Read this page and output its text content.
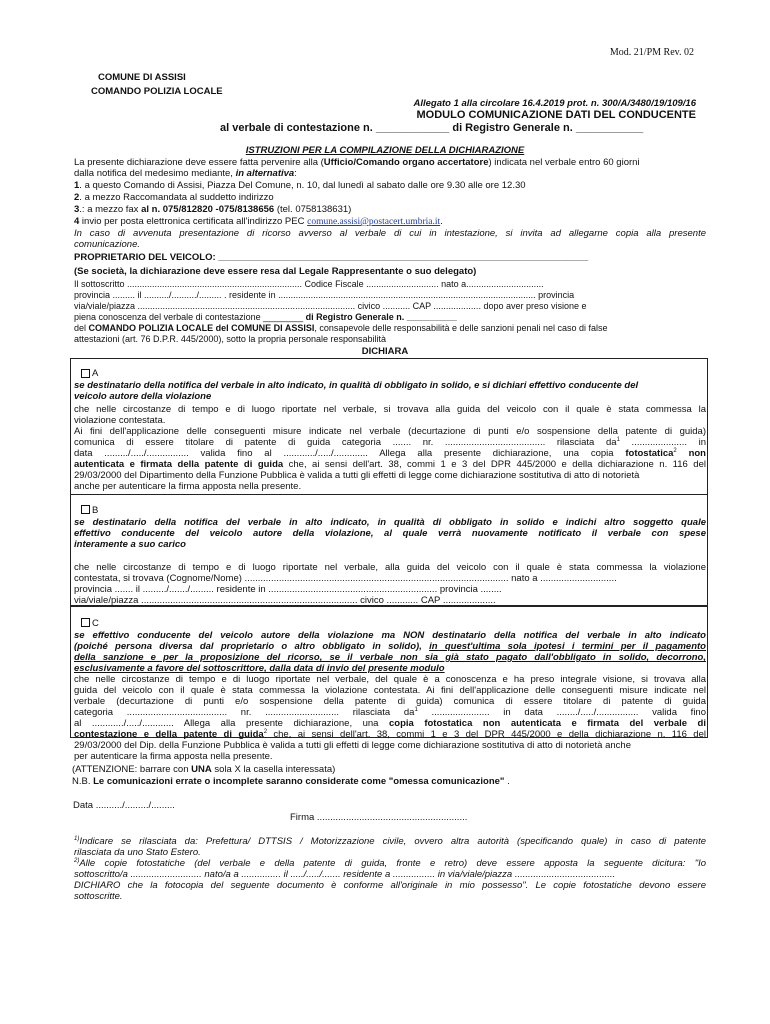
Mod. 21/PM Rev. 02
COMUNE DI ASSISI
COMANDO POLIZIA LOCALE
Allegato 1 alla circolare 16.4.2019 prot. n. 300/A/3480/19/109/16
MODULO COMUNICAZIONE DATI DEL CONDUCENTE
al verbale di contestazione n. ____________ di Registro Generale n. ___________
ISTRUZIONI PER LA COMPILAZIONE DELLA DICHIARAZIONE
La presente dichiarazione deve essere fatta pervenire alla (Ufficio/Comando organo accertatore) indicata nel verbale entro 60 giorni
dalla notifica del medesimo mediante, in alternativa:
1. a questo Comando di Assisi, Piazza Del Comune, n. 10, dal lunedì al sabato dalle ore 9.30 alle ore 12.30
2. a mezzo Raccomandata al suddetto indirizzo
3.: a mezzo fax al n. 075/812820 -075/8138656 (tel. 0758138631)
4 invio per posta elettronica certificata all'indirizzo PEC comune.assisi@postacert.umbria.it.
In caso di avvenuta presentazione di ricorso avverso al verbale di cui in intestazione, si invita ad allegarne copia alla presente
comunicazione.
PROPRIETARIO DEL VEICOLO: ______________________________________________________________________
(Se società, la dichiarazione deve essere resa dal Legale Rappresentante o suo delegato)
Il sottoscritto ...................................................................... Codice Fiscale ............................. nato a...............................
provincia ......... il ........../........../......... . residente in ....................................................................................................... provincia
via/viale/piazza ....................................................................................... civico ........... CAP ................... dopo aver preso visione e
piena conoscenza del verbale di contestazione ________ di Registro Generale n. __________
del COMANDO POLIZIA LOCALE del COMUNE DI ASSISI, consapevole delle responsabilità e delle sanzioni penali nel caso di false
attestazioni (art. 76 D.P.R. 445/2000), sotto la propria personale responsabilità
DICHIARA
A
se destinatario della notifica del verbale in alto indicato, in qualità di obbligato in solido, e si dichiari effettivo conducente del
veicolo autore della violazione
che nelle circostanze di tempo e di luogo riportate nel verbale, si trovava alla guida del veicolo con il quale è stata commessa la
violazione contestata.
Ai fini dell'applicazione delle conseguenti misure indicate nel verbale (decurtazione di punti e/o sospensione della patente di guida)
comunica di essere titolare di patente di guida categoria ....... nr. ...................................... rilasciata $da^1$ ..................... in
data ........./...../................ valida fino al ............/...../............. Allega alla presente dichiarazione, una copia fotostatica$^2$ non
autenticata e firmata della patente di guida che, ai sensi dell'art. 38, commi 1 e 3 del DPR 445/2000 e della dichiarazione n. 116 del
29/03/2000 del Dipartimento della Funzione Pubblica è valida a tutti gli effetti di legge come dichiarazione sostitutiva di atto di notorietà
anche per autenticare la firma apposta nella presente.
B
se destinatario della notifica del verbale in alto indicato, in qualità di obbligato in solido e indichi altro soggetto quale
effettivo conducente del veicolo autore della violazione, al quale verrà nuovamente notificato il verbale con spese
interamente a suo carico
che nelle circostanze di tempo e di luogo riportate nel verbale, alla guida del veicolo con il quale è stata commessa la violazione
contestata, si trovava (Cognome/Nome) .................................................................................................... nato a .............................
provincia ....... il ........./......./......... residente in ................................................................ provincia ........
via/viale/piazza .................................................................................. civico ............ CAP ....................
C
se effettivo conducente del veicolo autore della violazione ma NON destinatario della notifica del verbale in alto indicato
(poiché persona diversa dal proprietario o altro obbligato in solido), in quest'ultima sola ipotesi i termini per il pagamento
della sanzione e per la proposizione del ricorso, se il verbale non sia già stato pagato dall'obbligato in solido, decorrono,
esclusivamente a favore del sottoscrittore, dalla data di invio del presente modulo
che nelle circostanze di tempo e di luogo riportate nel verbale, del quale è a conoscenza e ha preso integrale visione, si trovava alla
guida del veicolo con il quale è stata commessa la violazione contestata. Ai fini dell'applicazione delle conseguenti misure indicate nel
verbale (decurtazione di punti e/o sospensione della patente di guida) comunica di essere titolare di patente di guida
categoria ...................................... nr. ............................ rilasciata $da^1$ ...................... in data ......../...../................ valida fino
al ............/...../............ Allega alla presente dichiarazione, una copia fotostatica non autenticata e firmata del verbale di
contestazione e della patente di guida$^2$ che, ai sensi dell'art. 38, commi 1 e 3 del DPR 445/2000 e della dichiarazione n. 116 del
29/03/2000 del Dip. della Funzione Pubblica è valida a tutti gli effetti di legge come dichiarazione sostitutiva di atto di notorietà anche
per autenticare la firma apposta nella presente.
(ATTENZIONE: barrare con UNA sola X la casella interessata)
N.B. Le comunicazioni errate o incomplete saranno considerate come "omessa comunicazione" .
Data ........../........./.........
Firma .........................................................
$^{1)}$Indicare se rilasciata da: Prefettura/ DTTSIS / Motorizzazione civile, ovvero altra autorità (specificando quale) in caso di patente
rilasciata da uno Stato Estero.
$^{2)}$Alle copie fotostatiche (del verbale e della patente di guida, fronte e retro) deve essere apposta la seguente dicitura: "Io
sottoscritto/a ........................... nato/a a ............... il ...../...../....... residente a ................ in via/viale/piazza ......................................
DICHIARO che la fotocopia del seguente documento è conforme all'originale in mio possesso". Le copie fotostatiche devono essere
sottoscritte.
